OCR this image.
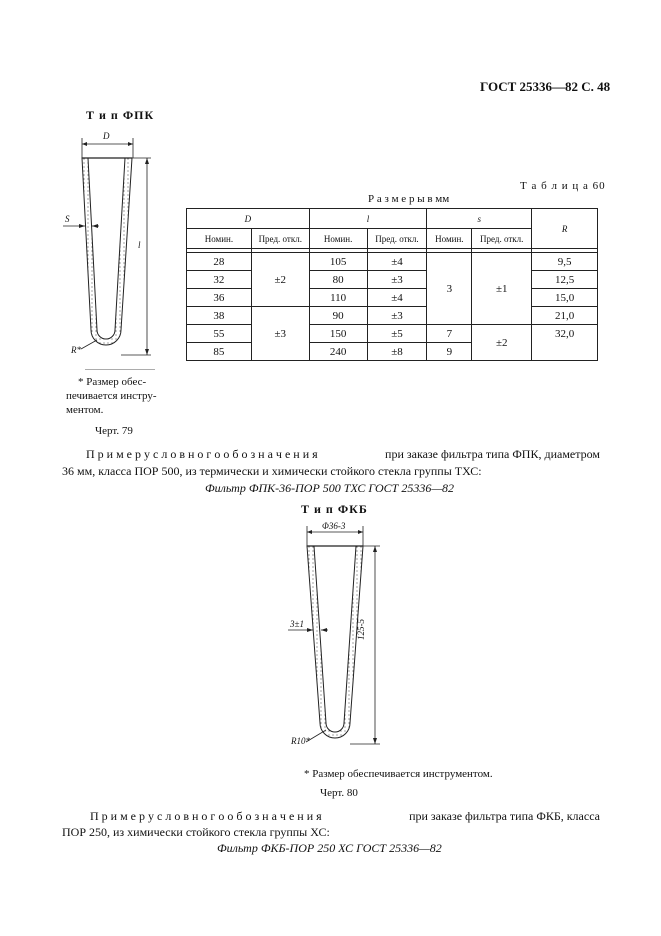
ГОСТ 25336—82 С. 48
Т и п ФПК
D
S
l
R*
* Размер обес-
печивается инстру-
ментом.
Черт. 79
Т а б л и ц а 60
Р а з м е р ы в мм
D		l		s		R
Номин.	Пред. откл.	Номин.	Пред. откл.	Номин.	Пред. откл.	

28	±2	105	±4	3	±1	9,5
32		80	±3			12,5
36		110	±4			15,0
38	±3	90	±3			21,0
55		150	±5	7	±2	32,0
85		240	±8	9		
П р и м е р у с л о в н о г о о б о з н а ч е н и я	при заказе фильтра типа ФПК, диаметром
36 мм, класса ПОР 500, из термически и химически стойкого стекла группы ТХС:
Фильтр ФПК-36-ПОР 500 ТХС ГОСТ 25336—82
Т и п ФКБ
Φ36-3
3±1	125-5
R10*
* Размер обеспечивается инструментом.
Черт. 80
П р и м е р у с л о в н о г о о б о з н а ч е н и я	при заказе фильтра типа ФКБ, класса
ПОР 250, из химически стойкого стекла группы ХС:
Фильтр ФКБ-ПОР 250 ХС ГОСТ 25336—82
